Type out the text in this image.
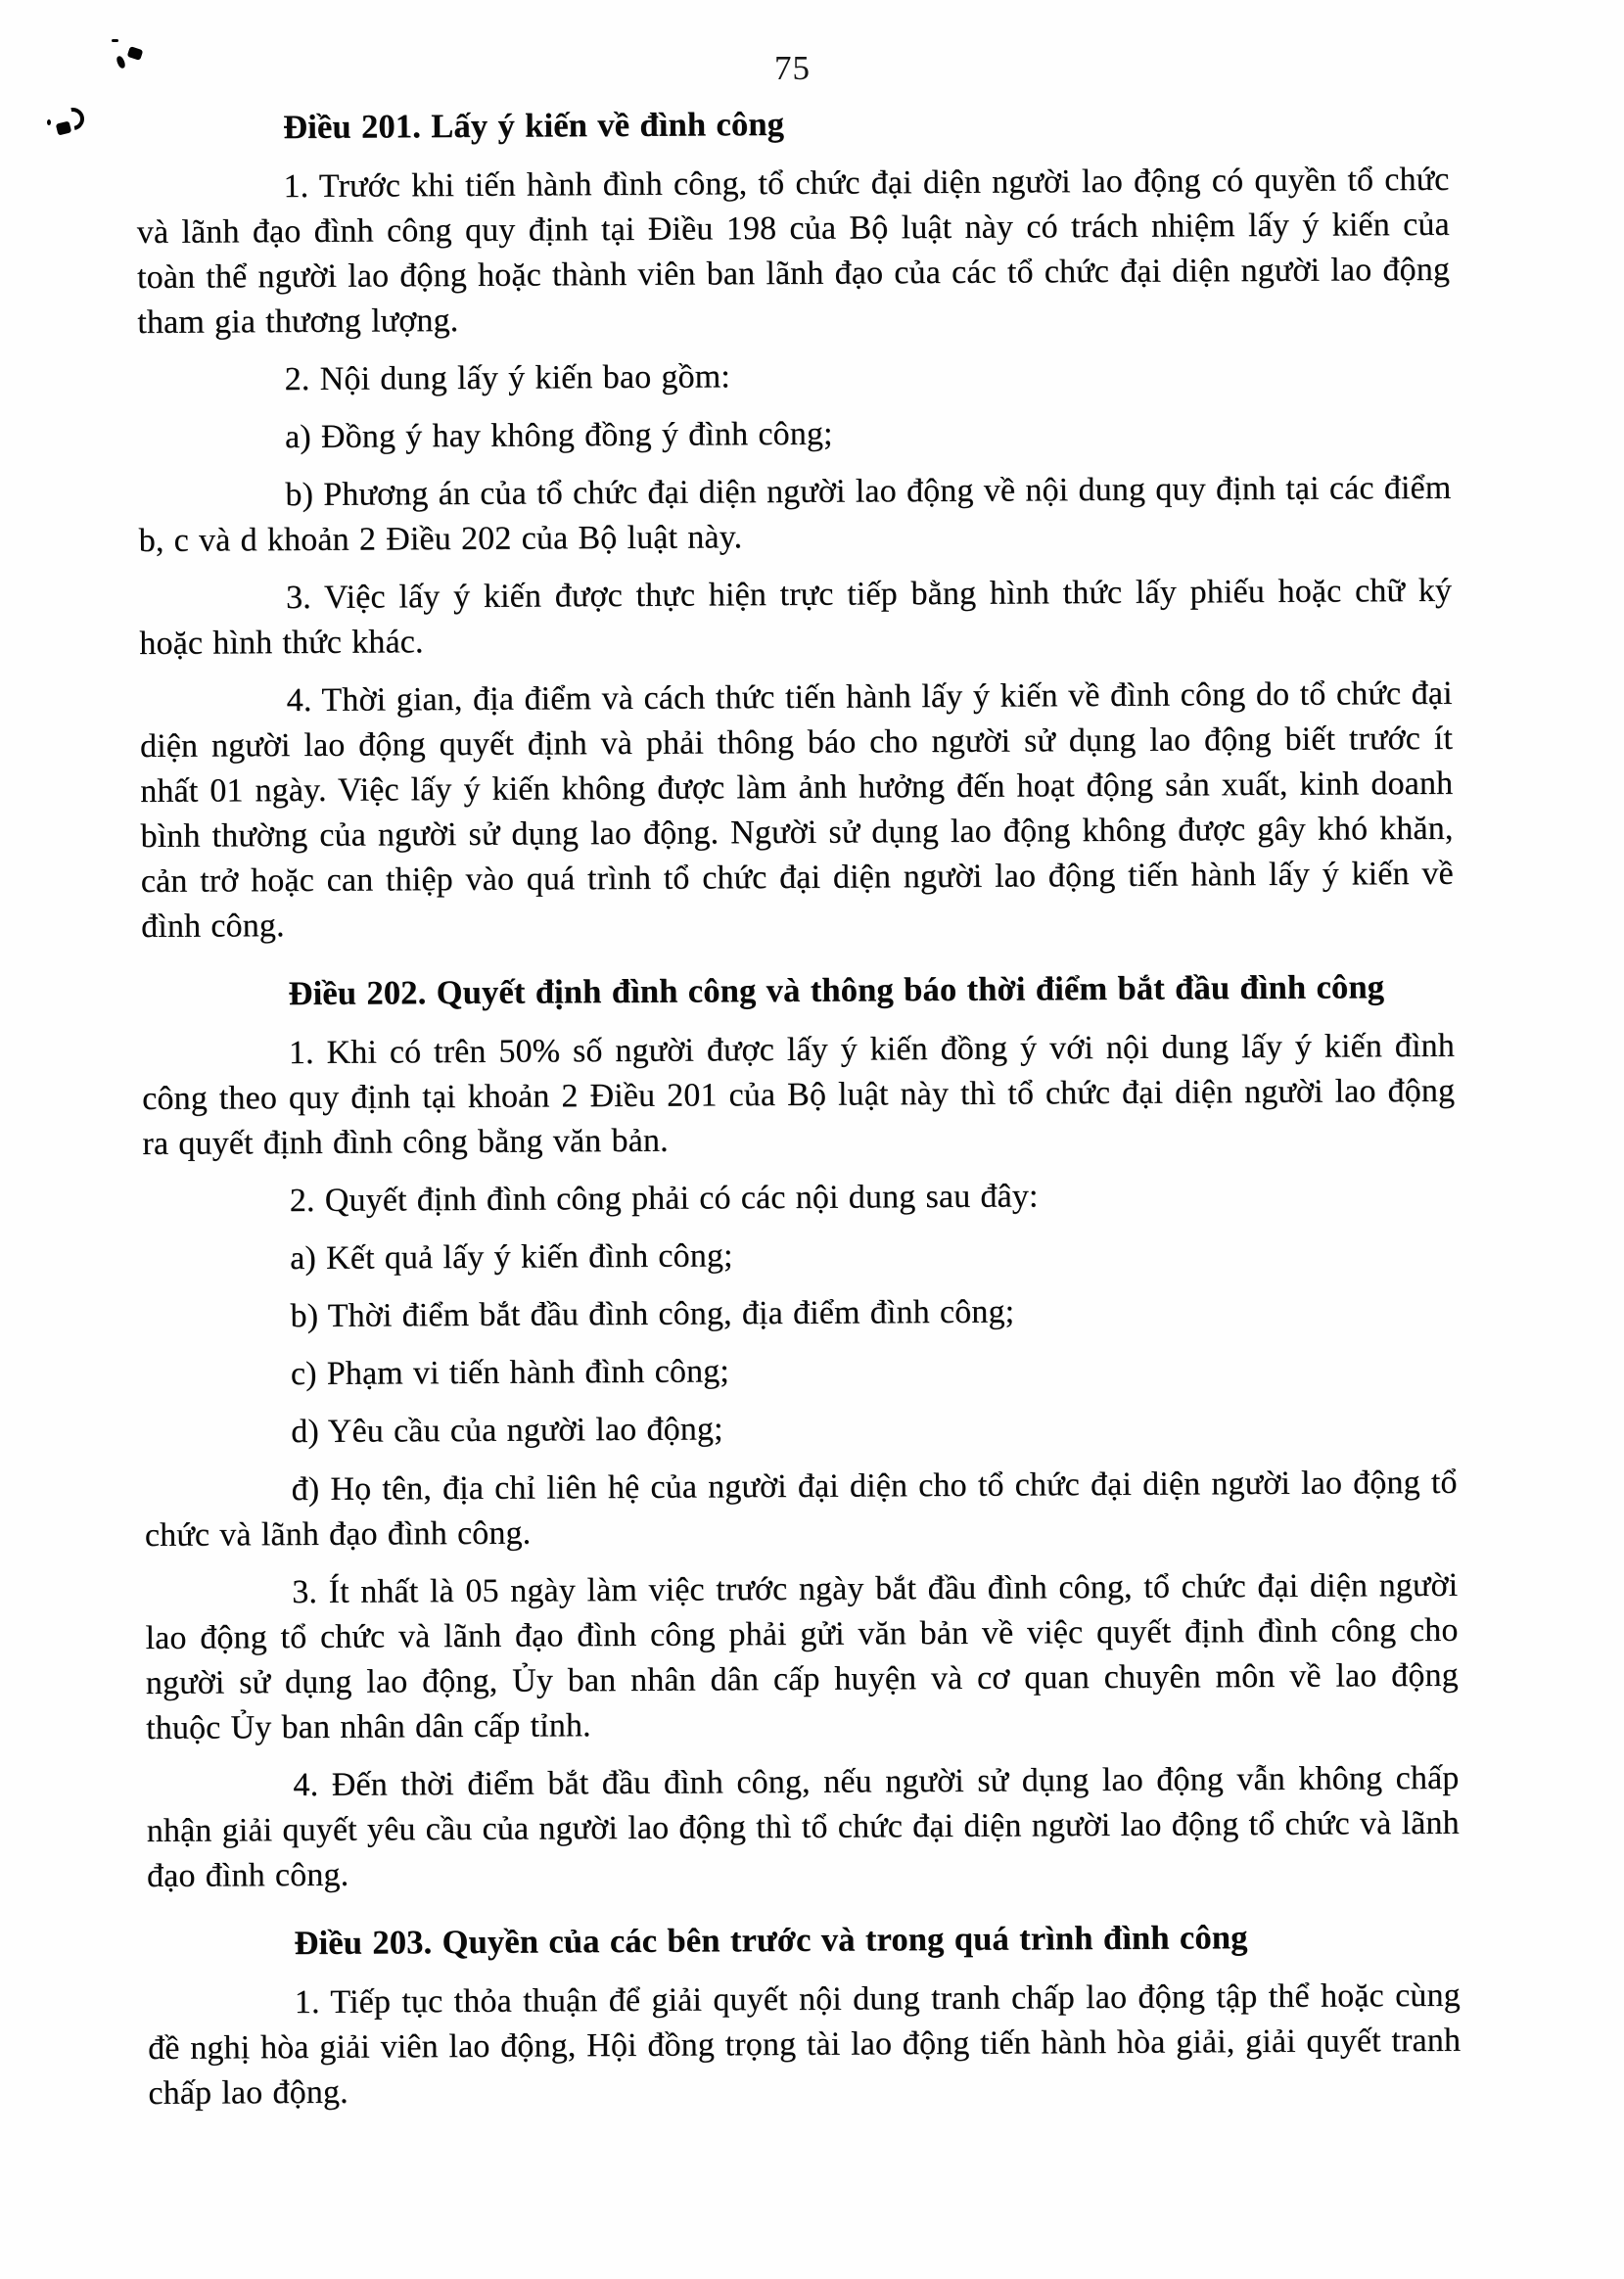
75
Điều 201. Lấy ý kiến về đình công

1. Trước khi tiến hành đình công, tổ chức đại diện người lao động có quyền tổ chức và lãnh đạo đình công quy định tại Điều 198 của Bộ luật này có trách nhiệm lấy ý kiến của toàn thể người lao động hoặc thành viên ban lãnh đạo của các tổ chức đại diện người lao động tham gia thương lượng.

2. Nội dung lấy ý kiến bao gồm:

a) Đồng ý hay không đồng ý đình công;

b) Phương án của tổ chức đại diện người lao động về nội dung quy định tại các điểm b, c và d khoản 2 Điều 202 của Bộ luật này.

3. Việc lấy ý kiến được thực hiện trực tiếp bằng hình thức lấy phiếu hoặc chữ ký hoặc hình thức khác.

4. Thời gian, địa điểm và cách thức tiến hành lấy ý kiến về đình công do tổ chức đại diện người lao động quyết định và phải thông báo cho người sử dụng lao động biết trước ít nhất 01 ngày. Việc lấy ý kiến không được làm ảnh hưởng đến hoạt động sản xuất, kinh doanh bình thường của người sử dụng lao động. Người sử dụng lao động không được gây khó khăn, cản trở hoặc can thiệp vào quá trình tổ chức đại diện người lao động tiến hành lấy ý kiến về đình công.

Điều 202. Quyết định đình công và thông báo thời điểm bắt đầu đình công

1. Khi có trên 50% số người được lấy ý kiến đồng ý với nội dung lấy ý kiến đình công theo quy định tại khoản 2 Điều 201 của Bộ luật này thì tổ chức đại diện người lao động ra quyết định đình công bằng văn bản.

2. Quyết định đình công phải có các nội dung sau đây:

a) Kết quả lấy ý kiến đình công;

b) Thời điểm bắt đầu đình công, địa điểm đình công;

c) Phạm vi tiến hành đình công;

d) Yêu cầu của người lao động;

đ) Họ tên, địa chỉ liên hệ của người đại diện cho tổ chức đại diện người lao động tổ chức và lãnh đạo đình công.

3. Ít nhất là 05 ngày làm việc trước ngày bắt đầu đình công, tổ chức đại diện người lao động tổ chức và lãnh đạo đình công phải gửi văn bản về việc quyết định đình công cho người sử dụng lao động, Ủy ban nhân dân cấp huyện và cơ quan chuyên môn về lao động thuộc Ủy ban nhân dân cấp tỉnh.

4. Đến thời điểm bắt đầu đình công, nếu người sử dụng lao động vẫn không chấp nhận giải quyết yêu cầu của người lao động thì tổ chức đại diện người lao động tổ chức và lãnh đạo đình công.

Điều 203. Quyền của các bên trước và trong quá trình đình công

1. Tiếp tục thỏa thuận để giải quyết nội dung tranh chấp lao động tập thể hoặc cùng đề nghị hòa giải viên lao động, Hội đồng trọng tài lao động tiến hành hòa giải, giải quyết tranh chấp lao động.
